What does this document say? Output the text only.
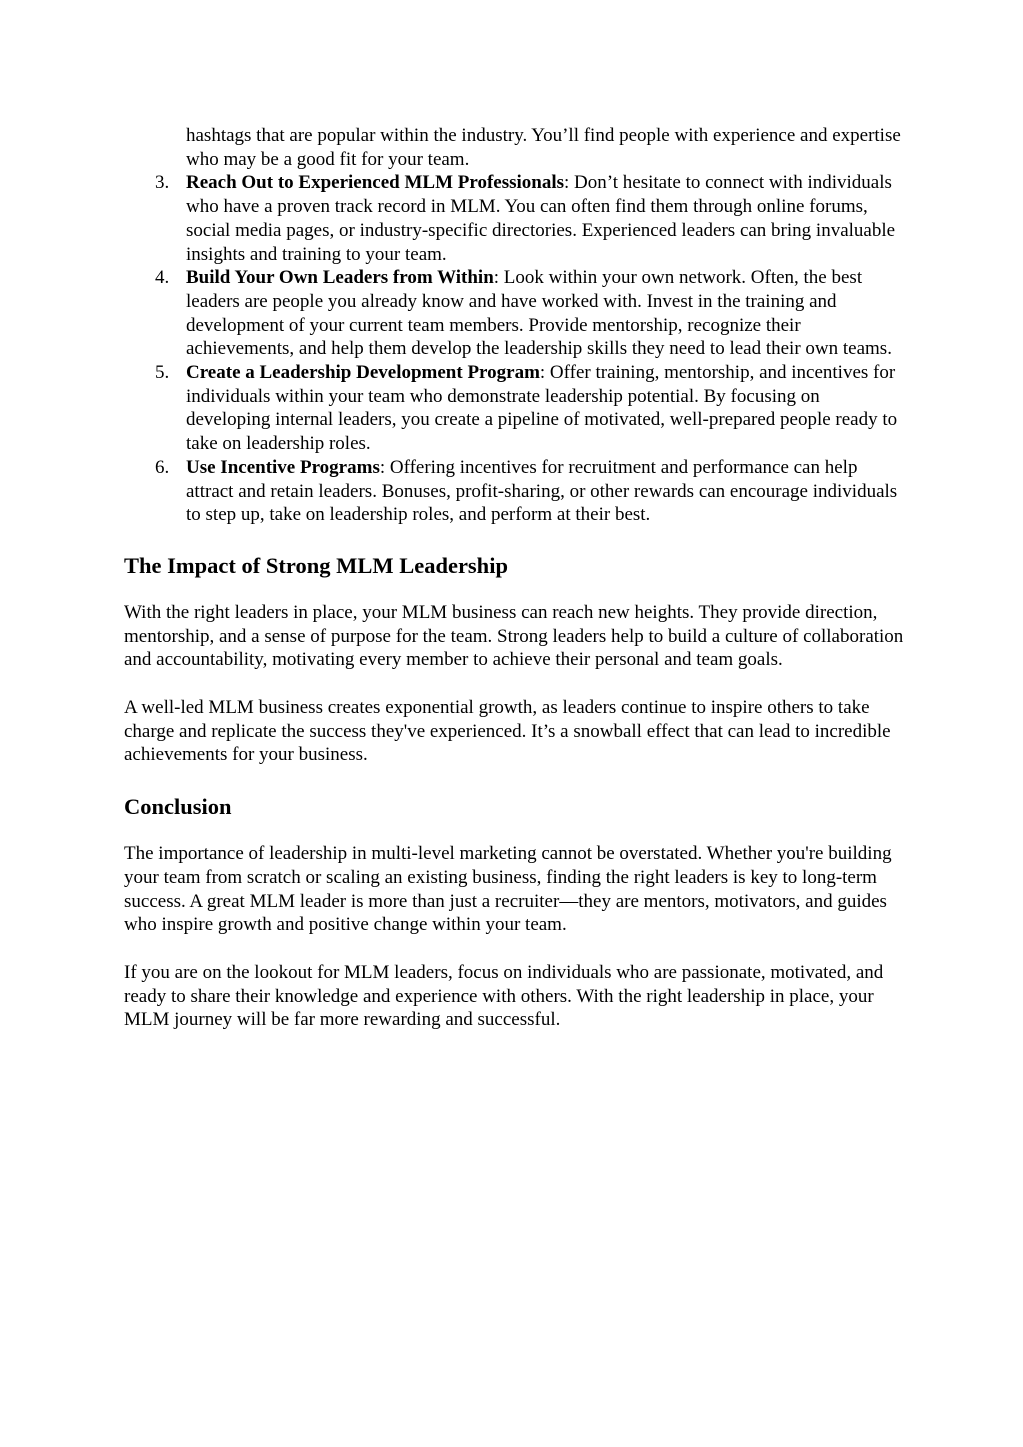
hashtags that are popular within the industry. You’ll find people with experience and expertise who may be a good fit for your team.
3. Reach Out to Experienced MLM Professionals: Don’t hesitate to connect with individuals who have a proven track record in MLM. You can often find them through online forums, social media pages, or industry-specific directories. Experienced leaders can bring invaluable insights and training to your team.
4. Build Your Own Leaders from Within: Look within your own network. Often, the best leaders are people you already know and have worked with. Invest in the training and development of your current team members. Provide mentorship, recognize their achievements, and help them develop the leadership skills they need to lead their own teams.
5. Create a Leadership Development Program: Offer training, mentorship, and incentives for individuals within your team who demonstrate leadership potential. By focusing on developing internal leaders, you create a pipeline of motivated, well-prepared people ready to take on leadership roles.
6. Use Incentive Programs: Offering incentives for recruitment and performance can help attract and retain leaders. Bonuses, profit-sharing, or other rewards can encourage individuals to step up, take on leadership roles, and perform at their best.
The Impact of Strong MLM Leadership

With the right leaders in place, your MLM business can reach new heights. They provide direction, mentorship, and a sense of purpose for the team. Strong leaders help to build a culture of collaboration and accountability, motivating every member to achieve their personal and team goals.

A well-led MLM business creates exponential growth, as leaders continue to inspire others to take charge and replicate the success they've experienced. It’s a snowball effect that can lead to incredible achievements for your business.

Conclusion

The importance of leadership in multi-level marketing cannot be overstated. Whether you're building your team from scratch or scaling an existing business, finding the right leaders is key to long-term success. A great MLM leader is more than just a recruiter—they are mentors, motivators, and guides who inspire growth and positive change within your team.

If you are on the lookout for MLM leaders, focus on individuals who are passionate, motivated, and ready to share their knowledge and experience with others. With the right leadership in place, your MLM journey will be far more rewarding and successful.
